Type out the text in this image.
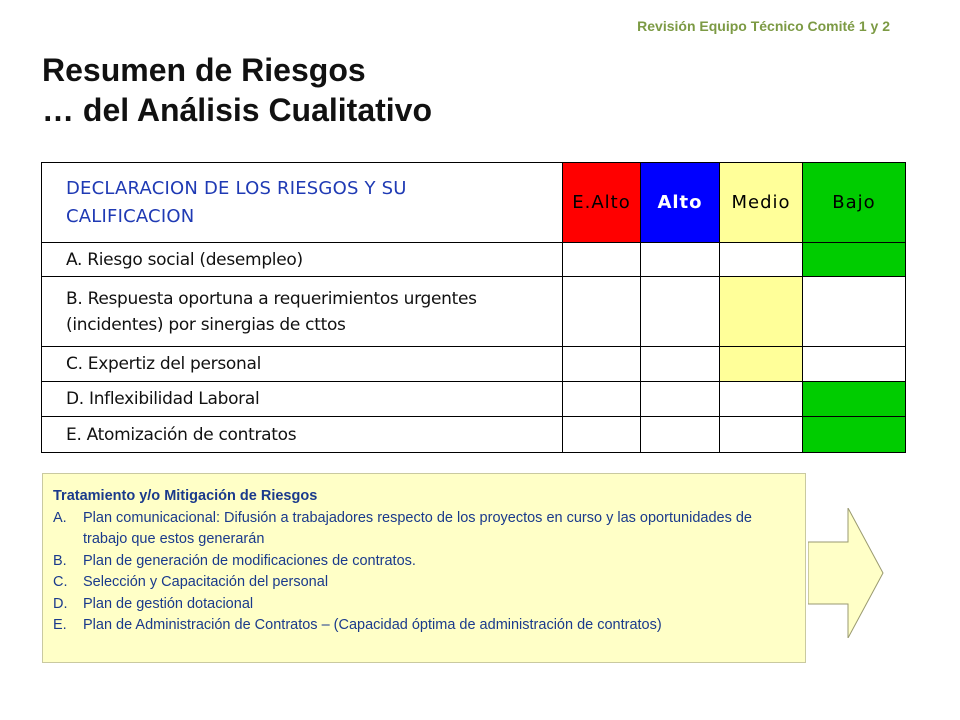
Revisión Equipo Técnico Comité 1 y 2
Resumen de Riesgos
… del Análisis Cualitativo
DECLARACION DE LOS RIESGOS Y SU
CALIFICACION	E.Alto	Alto	Medio	Bajo

A. Riesgo social (desempleo)				

B. Respuesta oportuna a requerimientos urgentes
(incidentes) por sinergias de cttos				

C. Expertiz del personal				

D. Inflexibilidad Laboral				

E. Atomización de contratos				

Tratamiento y/o Mitigación de Riesgos
A.	Plan comunicacional: Difusión a trabajadores respecto de los proyectos en curso y las oportunidades de trabajo que estos generarán
B.	Plan de generación de modificaciones de contratos.
C.	Selección y Capacitación del personal
D.	Plan de gestión dotacional
E.	Plan de Administración de Contratos – (Capacidad óptima de administración de contratos)
